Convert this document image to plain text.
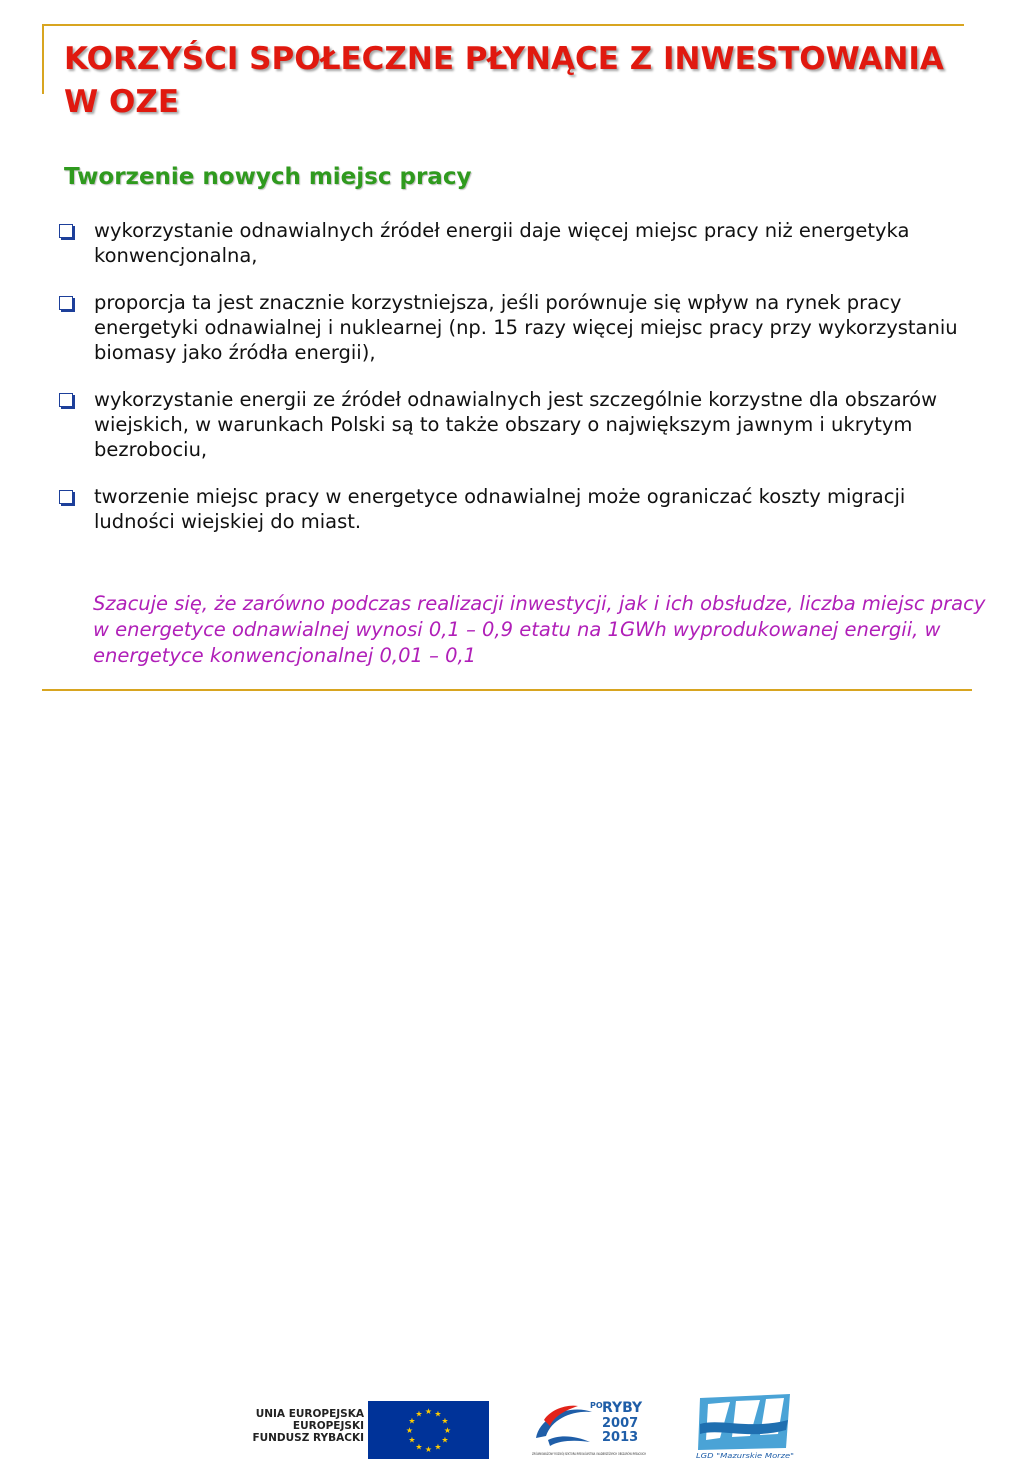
KORZYŚCI SPOŁECZNE PŁYNĄCE Z INWESTOWANIA W OZE
Tworzenie nowych miejsc pracy
wykorzystanie odnawialnych źródeł energii daje więcej miejsc pracy niż energetyka konwencjonalna,
proporcja ta jest znacznie korzystniejsza, jeśli porównuje się wpływ na rynek pracy energetyki odnawialnej i nuklearnej (np. 15 razy więcej miejsc pracy przy wykorzystaniu biomasy jako źródła energii),
wykorzystanie energii ze źródeł odnawialnych jest szczególnie korzystne dla obszarów wiejskich, w warunkach Polski są to także obszary o największym jawnym i ukrytym bezrobociu,
tworzenie miejsc pracy w energetyce odnawialnej może ograniczać koszty migracji ludności wiejskiej do miast.

Szacuje się, że zarówno podczas realizacji inwestycji, jak i ich obsłudze, liczba miejsc pracy w energetyce odnawialnej wynosi 0,1 – 0,9 etatu na 1GWh wyprodukowanej energii, w energetyce konwencjonalnej 0,01 – 0,1

UNIA EUROPEJSKA
EUROPEJSKI
FUNDUSZ RYBACKI
★ ★
★
★
★
★
★
★
★
★
★
★
PO RYBY
2007
2013
ZRÓWNOWAŻONY ROZWÓJ SEKTORA RYBOŁÓWSTWA I NADBRZEŻNYCH OBSZARÓW RYBACKICH
LGD "Mazurskie Morze"
